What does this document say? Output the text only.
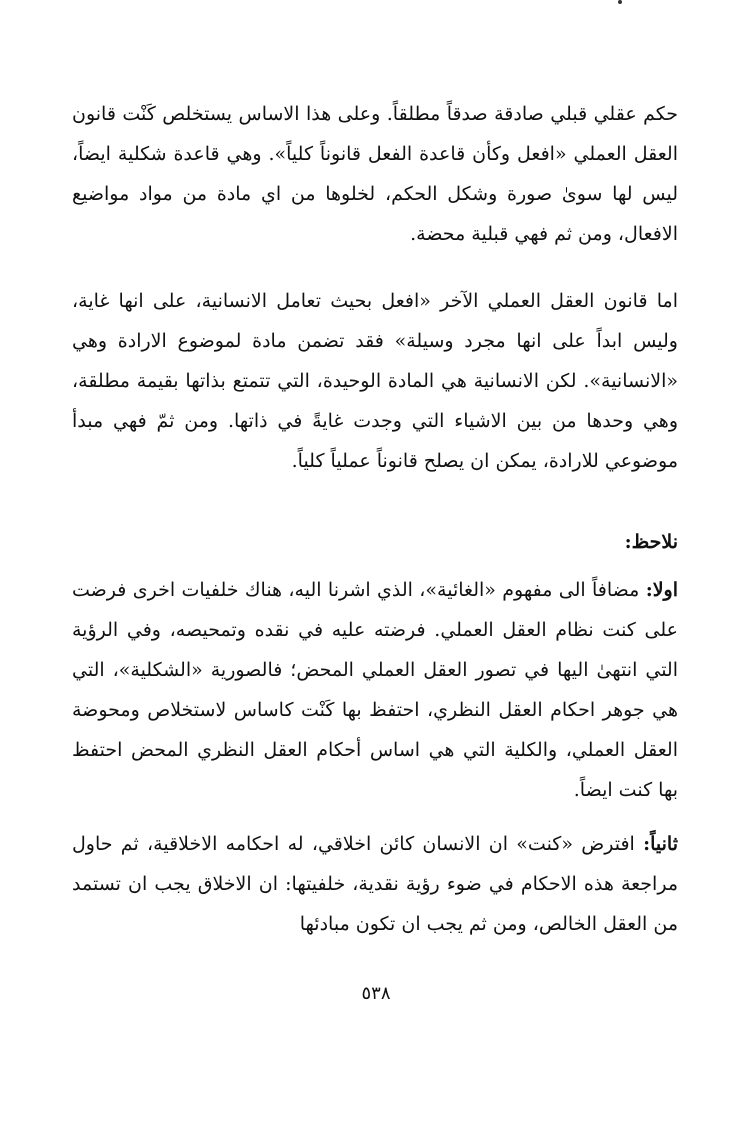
حكم عقلي قبلي صادقة صدقاً مطلقاً. وعلى هذا الاساس يستخلص كَنْت قانون العقل العملي «افعل وكأن قاعدة الفعل قانوناً كلياً». وهي قاعدة شكلية ايضاً، ليس لها سوىٰ صورة وشكل الحكم، لخلوها من اي مادة من مواد مواضيع الافعال، ومن ثم فهي قبلية محضة.

اما قانون العقل العملي الآخر «افعل بحيث تعامل الانسانية، على انها غاية، وليس ابداً على انها مجرد وسيلة» فقد تضمن مادة لموضوع الارادة وهي «الانسانية». لكن الانسانية هي المادة الوحيدة، التي تتمتع بذاتها بقيمة مطلقة، وهي وحدها من بين الاشياء التي وجدت غايةً في ذاتها. ومن ثمّ فهي مبدأ موضوعي للارادة، يمكن ان يصلح قانوناً عملياً كلياً.

نلاحظ:

اولا: مضافاً الى مفهوم «الغائية»، الذي اشرنا اليه، هناك خلفيات اخرى فرضت على كنت نظام العقل العملي. فرضته عليه في نقده وتمحيصه، وفي الرؤية التي انتهىٰ اليها في تصور العقل العملي المحض؛ فالصورية «الشكلية»، التي هي جوهر احكام العقل النظري، احتفظ بها كَنْت كاساس لاستخلاص ومحوضة العقل العملي، والكلية التي هي اساس أحكام العقل النظري المحض احتفظ بها كنت ايضاً.

ثانياً: افترض «كنت» ان الانسان كائن اخلاقي، له احكامه الاخلاقية، ثم حاول مراجعة هذه الاحكام في ضوء رؤية نقدية، خلفيتها: ان الاخلاق يجب ان تستمد من العقل الخالص، ومن ثم يجب ان تكون مبادئها

٥٣٨
